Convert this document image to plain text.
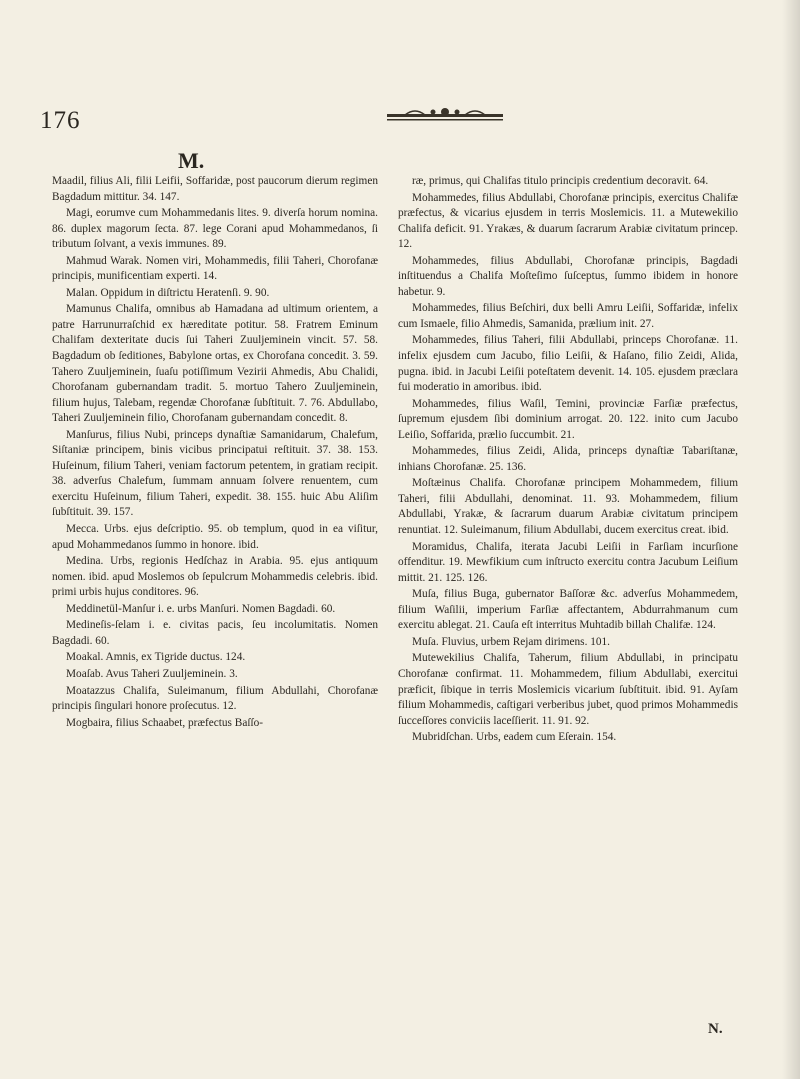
176
M.

Maadil, filius Ali, filii Leifii, Soffaridæ, post paucorum dierum regimen Bagdadum mittitur. 34. 147.

Magi, eorumve cum Mohammedanis lites. 9. diverſa horum nomina. 86. duplex magorum ſecta. 87. lege Corani apud Mohammedanos, ſi tributum ſolvant, a vexis immunes. 89.

Mahmud Warak. Nomen viri, Mohammedis, filii Taheri, Chorofanæ principis, munificentiam experti. 14.

Malan. Oppidum in diſtrictu Heratenſi. 9. 90.

Mamunus Chalifa, omnibus ab Hamadana ad ultimum orientem, a patre Harrunurraſchid ex hæreditate potitur. 58. Fratrem Eminum Chalifam dexteritate ducis ſui Taheri Zuuljeminein vincit. 57. 58. Bagdadum ob ſeditiones, Babylone ortas, ex Chorofana concedit. 3. 59. Tahero Zuuljeminein, ſuaſu potiſſimum Vezirii Ahmedis, Abu Chalidi, Chorofanam gubernandam tradit. 5. mortuo Tahero Zuuljeminein, filium hujus, Talebam, regendæ Chorofanæ ſubſtituit. 7. 76. Abdullabo, Taheri Zuuljeminein filio, Chorofanam gubernandam concedit. 8.

Manſurus, filius Nubi, princeps dynaſtiæ Samanidarum, Chalefum, Siſtaniæ principem, binis vicibus principatui reſtituit. 37. 38. 153. Huſeinum, filium Taheri, veniam factorum petentem, in gratiam recipit. 38. adverſus Chalefum, ſummam annuam ſolvere renuentem, cum exercitu Huſeinum, filium Taheri, expedit. 38. 155. huic Abu Aliſim ſubſtituit. 39. 157.

Mecca. Urbs. ejus deſcriptio. 95. ob templum, quod in ea viſitur, apud Mohammedanos ſummo in honore. ibid.

Medina. Urbs, regionis Hedſchaz in Arabia. 95. ejus antiquum nomen. ibid. apud Moslemos ob ſepulcrum Mohammedis celebris. ibid. primi urbis hujus conditores. 96.

Meddinetül-Manſur i. e. urbs Manſuri. Nomen Bagdadi. 60.

Medineſis-ſelam i. e. civitas pacis, ſeu incolumitatis. Nomen Bagdadi. 60.

Moakal. Amnis, ex Tigride ductus. 124.

Moaſab. Avus Taheri Zuuljeminein. 3.

Moatazzus Chalifa, Suleimanum, filium Abdullahi, Chorofanæ principis ſingulari honore proſecutus. 12.

Mogbaira, filius Schaabet, præfectus Baſſo-

ræ, primus, qui Chalifas titulo principis credentium decoravit. 64.

Mohammedes, filius Abdullabi, Chorofanæ principis, exercitus Chalifæ præfectus, & vicarius ejusdem in terris Moslemicis. 11. a Mutewekilio Chalifa deficit. 91. Yrakæs, & duarum ſacrarum Arabiæ civitatum princep. 12.

Mohammedes, filius Abdullabi, Chorofanæ principis, Bagdadi inſtituendus a Chalifa Moſteſimo ſuſceptus, ſummo ibidem in honore habetur. 9.

Mohammedes, filius Beſchiri, dux belli Amru Leiſii, Soffaridæ, infelix cum Ismaele, filio Ahmedis, Samanida, prælium init. 27.

Mohammedes, filius Taheri, filii Abdullabi, princeps Chorofanæ. 11. infelix ejusdem cum Jacubo, filio Leiſii, & Haſano, filio Zeidi, Alida, pugna. ibid. in Jacubi Leiſii poteſtatem devenit. 14. 105. ejusdem præclara fui moderatio in amoribus. ibid.

Mohammedes, filius Waſil, Temini, provinciæ Farſiæ præfectus, ſupremum ejusdem ſibi dominium arrogat. 20. 122. inito cum Jacubo Leiſio, Soffarida, prælio ſuccumbit. 21.

Mohammedes, filius Zeidi, Alida, princeps dynaſtiæ Tabariſtanæ, inhians Chorofanæ. 25. 136.

Moſtæinus Chalifa. Chorofanæ principem Mohammedem, filium Taheri, filii Abdullahi, denominat. 11. 93. Mohammedem, filium Abdullabi, Yrakæ, & ſacrarum duarum Arabiæ civitatum principem renuntiat. 12. Suleimanum, filium Abdullabi, ducem exercitus creat. ibid.

Moramidus, Chalifa, iterata Jacubi Leiſii in Farſiam incurſione offenditur. 19. Mewfikium cum inſtructo exercitu contra Jacubum Leiſium mittit. 21. 125. 126.

Muſa, filius Buga, gubernator Baſſoræ &c. adverſus Mohammedem, filium Waſilii, imperium Farſiæ affectantem, Abdurrahmanum cum exercitu ablegat. 21. Cauſa eſt interritus Muhtadib billah Chalifæ. 124.

Muſa. Fluvius, urbem Rejam dirimens. 101.

Mutewekilius Chalifa, Taherum, filium Abdullabi, in principatu Chorofanæ confirmat. 11. Mohammedem, filium Abdullabi, exercitui præficit, ſibique in terris Moslemicis vicarium ſubſtituit. ibid. 91. Ayſam filium Mohammedis, caſtigari verberibus jubet, quod primos Mohammedis ſucceſſores conviciis laceſſierit. 11. 91. 92.

Mubridſchan. Urbs, eadem cum Eſerain. 154.

N.
